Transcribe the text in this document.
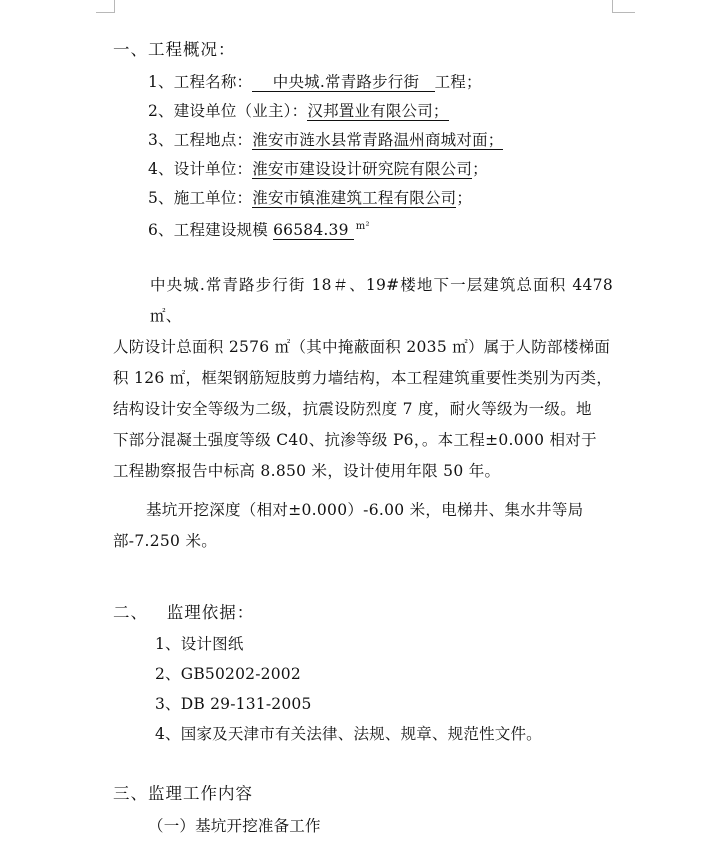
一、工程概况：
1、工程名称：    中央城.常青路步行街   工程；
2、建设单位（业主）：汉邦置业有限公司；
3、工程地点：淮安市涟水县常青路温州商城对面；
4、设计单位：淮安市建设设计研究院有限公司；
5、施工单位：淮安市镇淮建筑工程有限公司；
6、工程建设规模 66584.39 $^{m^2}$
中央城.常青路步行街 18＃、19#楼地下一层建筑总面积 4478 ㎡、
人防设计总面积 2576 ㎡（其中掩蔽面积 2035 ㎡）属于人防部楼梯面
积 126 ㎡，框架钢筋短肢剪力墙结构，本工程建筑重要性类别为丙类，
结构设计安全等级为二级，抗震设防烈度 7 度，耐火等级为一级。地
下部分混凝土强度等级 C40、抗渗等级 P6，。本工程±0.000 相对于
工程勘察报告中标高 8.850 米，设计使用年限 50 年。
基坑开挖深度（相对±0.000）-6.00 米，电梯井、集水井等局
部-7.250 米。
二、   监理依据：
1、设计图纸
2、GB50202-2002
3、DB 29-131-2005
4、国家及天津市有关法律、法规、规章、规范性文件。
三、监理工作内容
（一）基坑开挖准备工作
